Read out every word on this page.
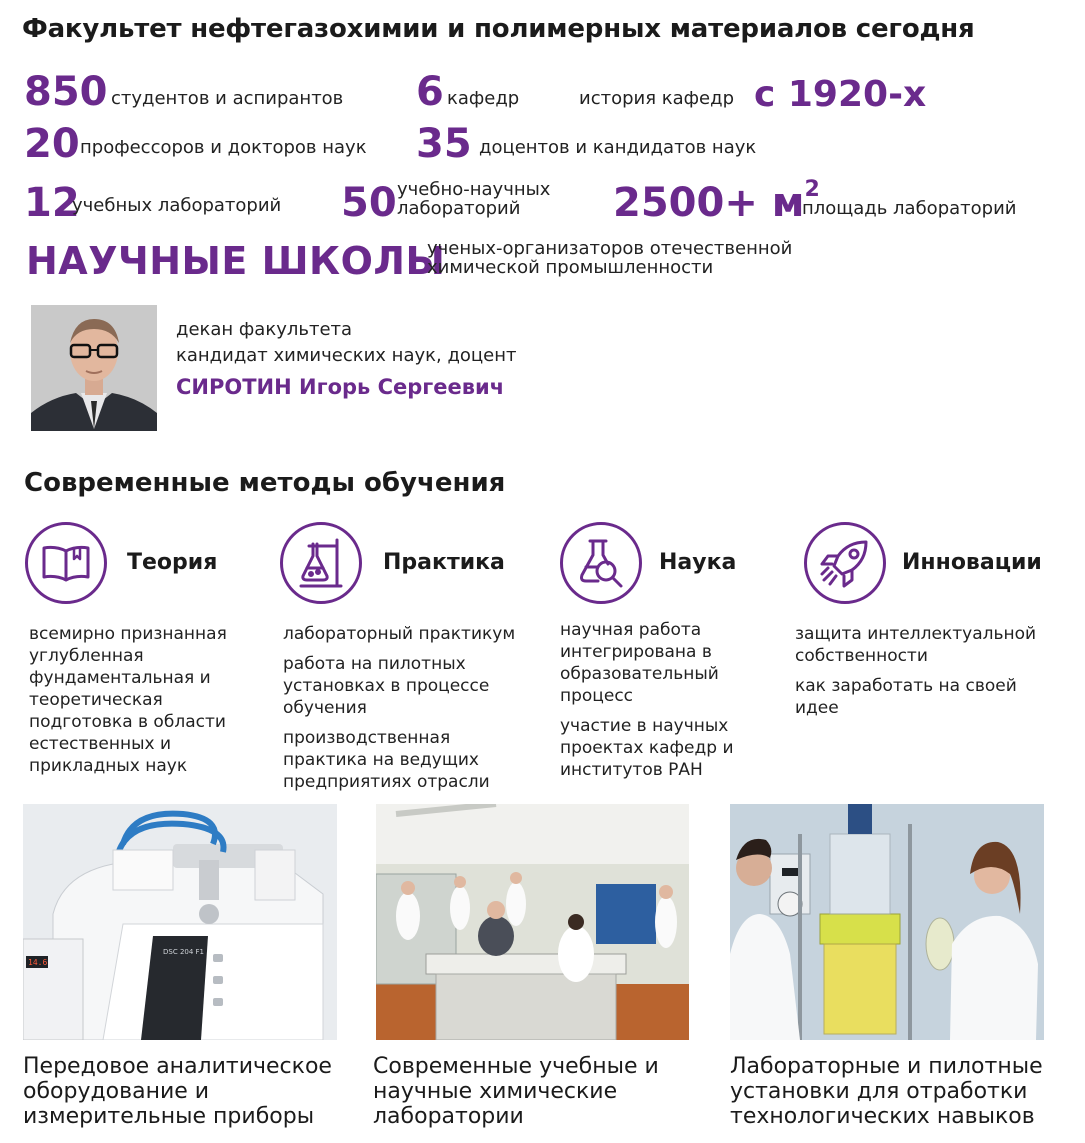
Факультет нефтегазохимии и полимерных материалов сегодня
850 студентов и аспирантов 6 кафедр	история кафедр с 1920-х
20 профессоров и докторов наук 35 доцентов и кандидатов наук
12
учебных лабораторий 50 учебно-научных
лабораторий $2500+ м^2$
площадь лабораторий
НАУЧНЫЕ ШКОЛЫ
ученых-организаторов отечественной
химической промышленности
декан факультета
кандидат химических наук, доцент
СИРОТИН Игорь Сергеевич
Современные методы обучения
Теория

всемирно признанная углубленная фундаментальная и теоретическая подготовка в области естественных и прикладных наук

Практика

лабораторный практикум

работа на пилотных установках в процессе обучения

производственная практика на ведущих предприятиях отрасли

Наука

научная работа интегрирована в образовательный процесс

участие в научных проектах кафедр и институтов РАН

Инновации

защита интеллектуальной собственности

как заработать на своей идее

DSC 204 F1
14.6
Передовое аналитическое
оборудование и
измерительные приборы
Современные учебные и
научные химические
лаборатории
Лабораторные и пилотные
установки для отработки
технологических навыков
